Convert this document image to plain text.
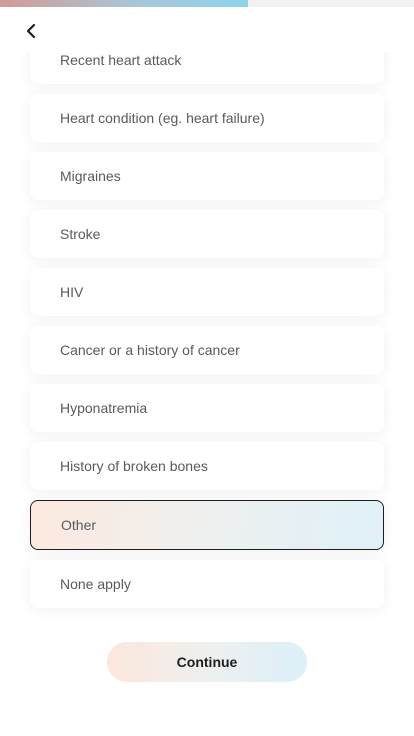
Recent heart attack
Heart condition (eg. heart failure)
Migraines
Stroke
HIV
Cancer or a history of cancer
Hyponatremia
History of broken bones
Other
None apply
Continue
